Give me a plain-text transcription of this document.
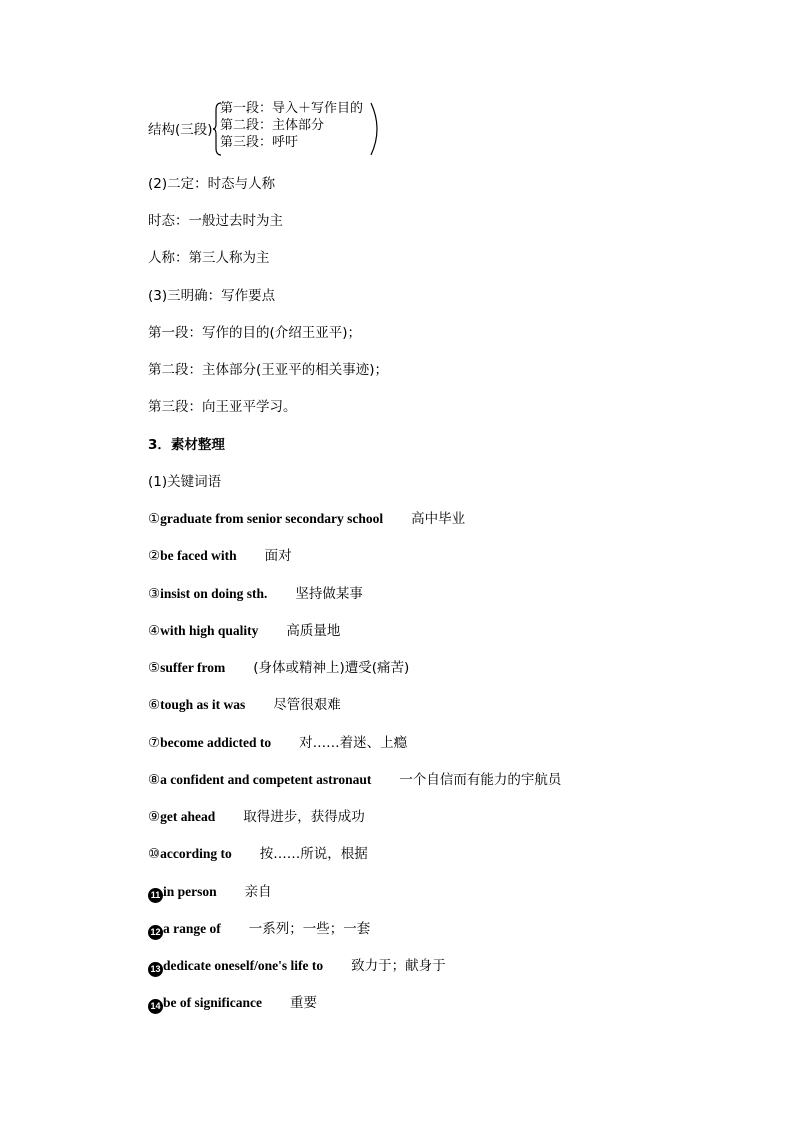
结构(三段)
第一段：导入＋写作目的
第二段：主体部分
第三段：呼吁
(2)二定：时态与人称
时态：一般过去时为主
人称：第三人称为主
(3)三明确：写作要点
第一段：写作的目的(介绍王亚平)；
第二段：主体部分(王亚平的相关事迹)；
第三段：向王亚平学习。
3．素材整理
(1)关键词语
①graduate from senior secondary school 高中毕业
②be faced with 面对
③insist on doing sth. 坚持做某事
④with high quality 高质量地
⑤suffer from (身体或精神上)遭受(痛苦)
⑥tough as it was 尽管很艰难
⑦become addicted to 对……着迷、上瘾
⑧a confident and competent astronaut 一个自信而有能力的宇航员
⑨get ahead 取得进步，获得成功
⑩according to 按……所说，根据
11 in person 亲自
12 a range of 一系列；一些；一套
13 dedicate oneself/one's life to 致力于；献身于
14 be of significance 重要
